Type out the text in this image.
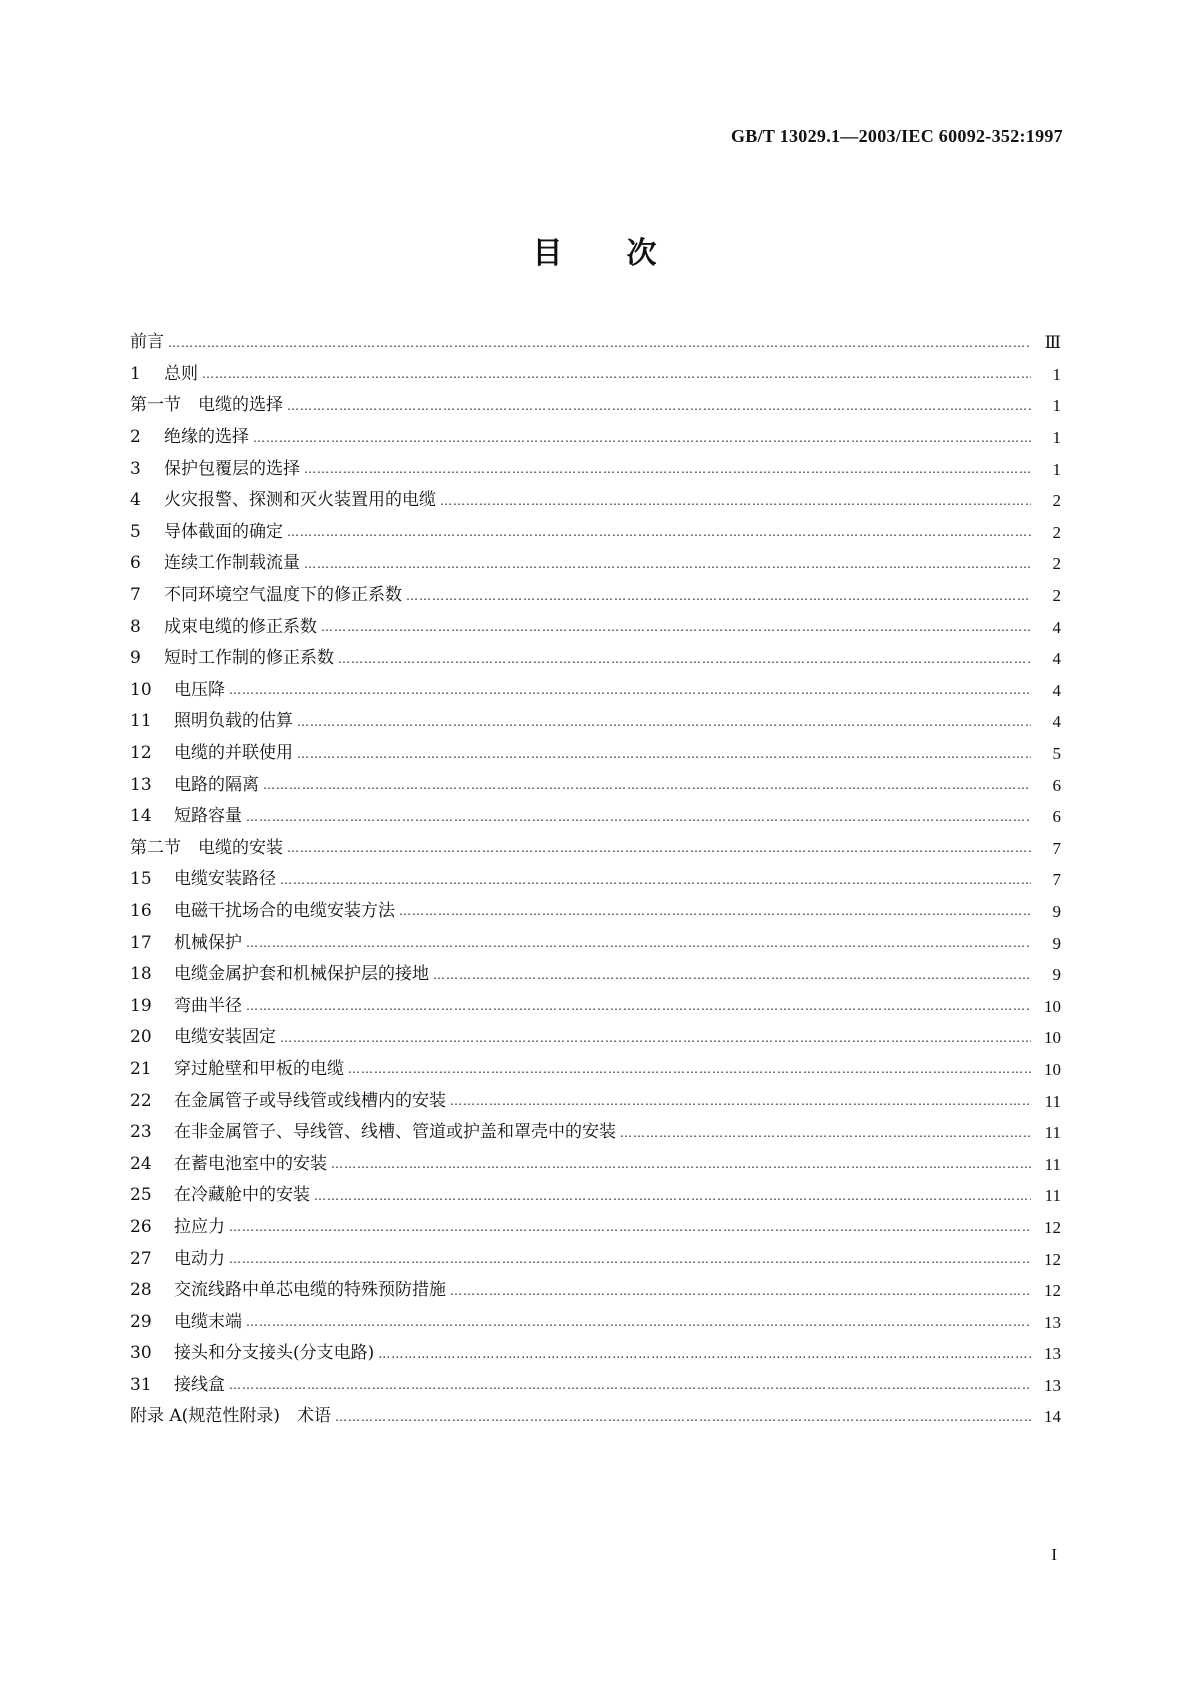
GB/T 13029.1—2003/IEC 60092-352:1997
目 次
前言 ………………………………………………………………………………………………………………………………………………………………………………………………………	Ⅲ
1	总则 ………………………………………………………………………………………………………………………………………………………………………………………………………	1
第一节　电缆的选择 ………………………………………………………………………………………………………………………………………………………………………………………………………	1
2	绝缘的选择 ………………………………………………………………………………………………………………………………………………………………………………………………………	1
3	保护包覆层的选择 ………………………………………………………………………………………………………………………………………………………………………………………………………	1
4	火灾报警、探测和灭火装置用的电缆 ………………………………………………………………………………………………………………………………………………………………………………………………………	2
5	导体截面的确定 ………………………………………………………………………………………………………………………………………………………………………………………………………	2
6	连续工作制载流量 ………………………………………………………………………………………………………………………………………………………………………………………………………	2
7	不同环境空气温度下的修正系数 ………………………………………………………………………………………………………………………………………………………………………………………………………	2
8	成束电缆的修正系数 ………………………………………………………………………………………………………………………………………………………………………………………………………	4
9	短时工作制的修正系数 ………………………………………………………………………………………………………………………………………………………………………………………………………	4
10	电压降 ………………………………………………………………………………………………………………………………………………………………………………………………………	4
11	照明负载的估算 ………………………………………………………………………………………………………………………………………………………………………………………………………	4
12	电缆的并联使用 ………………………………………………………………………………………………………………………………………………………………………………………………………	5
13	电路的隔离 ………………………………………………………………………………………………………………………………………………………………………………………………………	6
14	短路容量 ………………………………………………………………………………………………………………………………………………………………………………………………………	6
第二节　电缆的安装 ………………………………………………………………………………………………………………………………………………………………………………………………………	7
15	电缆安装路径 ………………………………………………………………………………………………………………………………………………………………………………………………………	7
16	电磁干扰场合的电缆安装方法 ………………………………………………………………………………………………………………………………………………………………………………………………………	9
17	机械保护 ………………………………………………………………………………………………………………………………………………………………………………………………………	9
18	电缆金属护套和机械保护层的接地 ………………………………………………………………………………………………………………………………………………………………………………………………………	9
19	弯曲半径 ………………………………………………………………………………………………………………………………………………………………………………………………………	10
20	电缆安装固定 ………………………………………………………………………………………………………………………………………………………………………………………………………	10
21	穿过舱壁和甲板的电缆 ………………………………………………………………………………………………………………………………………………………………………………………………………	10
22	在金属管子或导线管或线槽内的安装 ………………………………………………………………………………………………………………………………………………………………………………………………………	11
23	在非金属管子、导线管、线槽、管道或护盖和罩壳中的安装 ………………………………………………………………………………………………………………………………………………………………………………………………………	11
24	在蓄电池室中的安装 ………………………………………………………………………………………………………………………………………………………………………………………………………	11
25	在冷藏舱中的安装 ………………………………………………………………………………………………………………………………………………………………………………………………………	11
26	拉应力 ………………………………………………………………………………………………………………………………………………………………………………………………………	12
27	电动力 ………………………………………………………………………………………………………………………………………………………………………………………………………	12
28	交流线路中单芯电缆的特殊预防措施 ………………………………………………………………………………………………………………………………………………………………………………………………………	12
29	电缆末端 ………………………………………………………………………………………………………………………………………………………………………………………………………	13
30	接头和分支接头(分支电路) ………………………………………………………………………………………………………………………………………………………………………………………………………	13
31	接线盒 ………………………………………………………………………………………………………………………………………………………………………………………………………	13
附录 A(规范性附录)　术语 ………………………………………………………………………………………………………………………………………………………………………………………………………	14
I
